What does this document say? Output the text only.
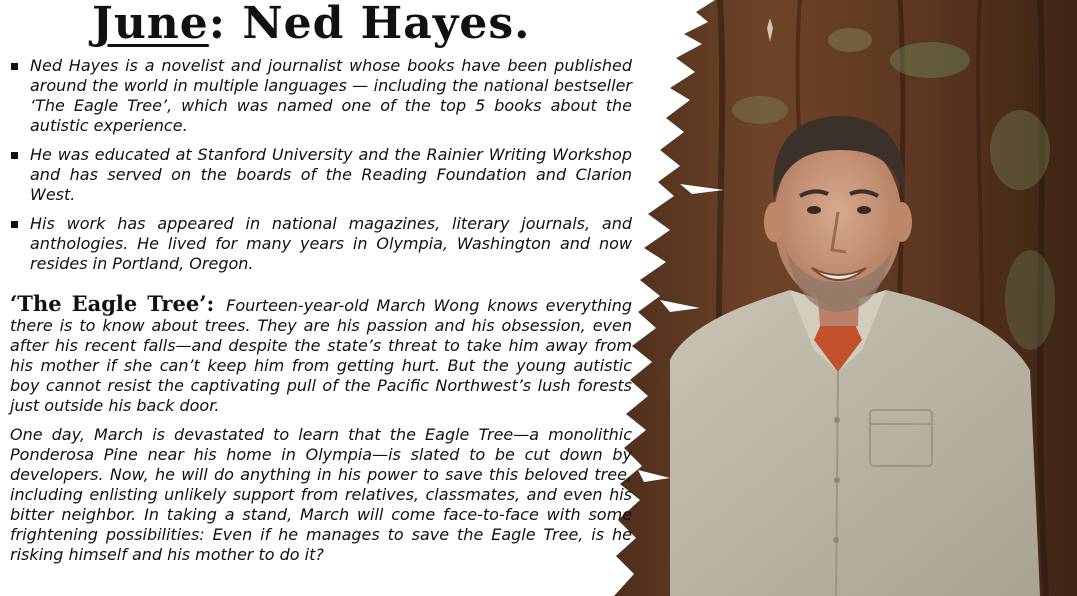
June: Ned Hayes.
Ned Hayes is a novelist and journalist whose books have been published around the world in multiple languages — including the national bestseller ‘The Eagle Tree’, which was named one of the top 5 books about the autistic experience.
He was educated at Stanford University and the Rainier Writing Workshop and has served on the boards of the Reading Foundation and Clarion West.
His work has appeared in national magazines, literary journals, and anthologies. He lived for many years in Olympia, Washington and now resides in Portland, Oregon.

‘The Eagle Tree’: Fourteen-year-old March Wong knows everything there is to know about trees. They are his passion and his obsession, even after his recent falls—and despite the state’s threat to take him away from his mother if she can’t keep him from getting hurt. But the young autistic boy cannot resist the captivating pull of the Pacific Northwest’s lush forests just outside his back door.

One day, March is devastated to learn that the Eagle Tree—a monolithic Ponderosa Pine near his home in Olympia—is slated to be cut down by developers. Now, he will do anything in his power to save this beloved tree, including enlisting unlikely support from relatives, classmates, and even his bitter neighbor. In taking a stand, March will come face-to-face with some frightening possibilities: Even if he manages to save the Eagle Tree, is he risking himself and his mother to do it?
